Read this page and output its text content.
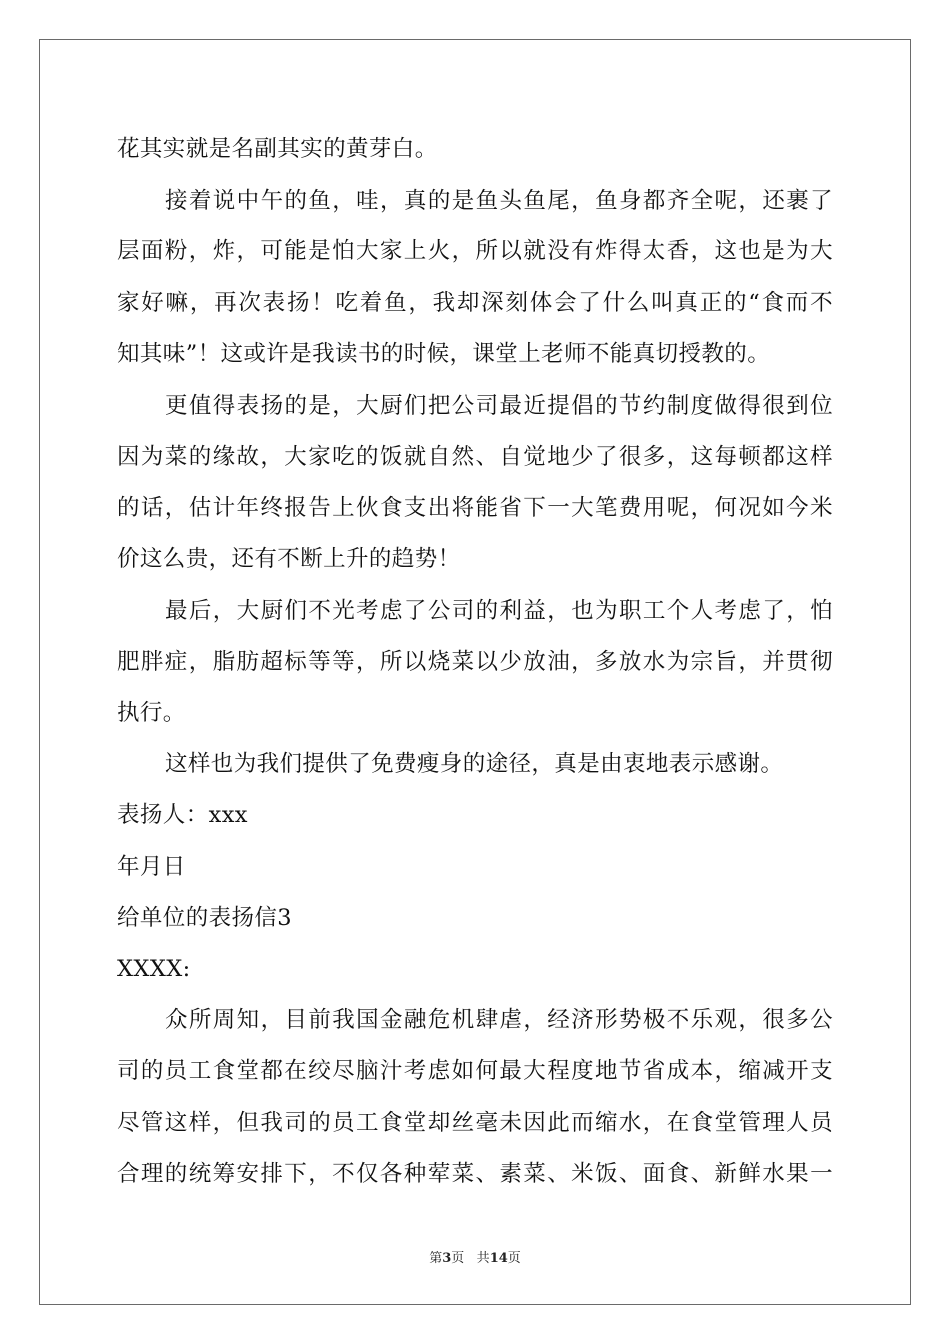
花其实就是名副其实的黄芽白。
接着说中午的鱼，哇，真的是鱼头鱼尾，鱼身都齐全呢，还裹了
层面粉，炸，可能是怕大家上火，所以就没有炸得太香，这也是为大
家好嘛，再次表扬！吃着鱼，我却深刻体会了什么叫真正的“食而不
知其味”！这或许是我读书的时候，课堂上老师不能真切授教的。
更值得表扬的是，大厨们把公司最近提倡的节约制度做得很到位
因为菜的缘故，大家吃的饭就自然、自觉地少了很多，这每顿都这样
的话，估计年终报告上伙食支出将能省下一大笔费用呢，何况如今米
价这么贵，还有不断上升的趋势！
最后，大厨们不光考虑了公司的利益，也为职工个人考虑了，怕
肥胖症，脂肪超标等等，所以烧菜以少放油，多放水为宗旨，并贯彻
执行。
这样也为我们提供了免费瘦身的途径，真是由衷地表示感谢。
表扬人：xxx
年月日
给单位的表扬信3
XXXX:
众所周知，目前我国金融危机肆虐，经济形势极不乐观，很多公
司的员工食堂都在绞尽脑汁考虑如何最大程度地节省成本，缩减开支
尽管这样，但我司的员工食堂却丝毫未因此而缩水，在食堂管理人员
合理的统筹安排下，不仅各种荤菜、素菜、米饭、面食、新鲜水果一
第3页 共14页
